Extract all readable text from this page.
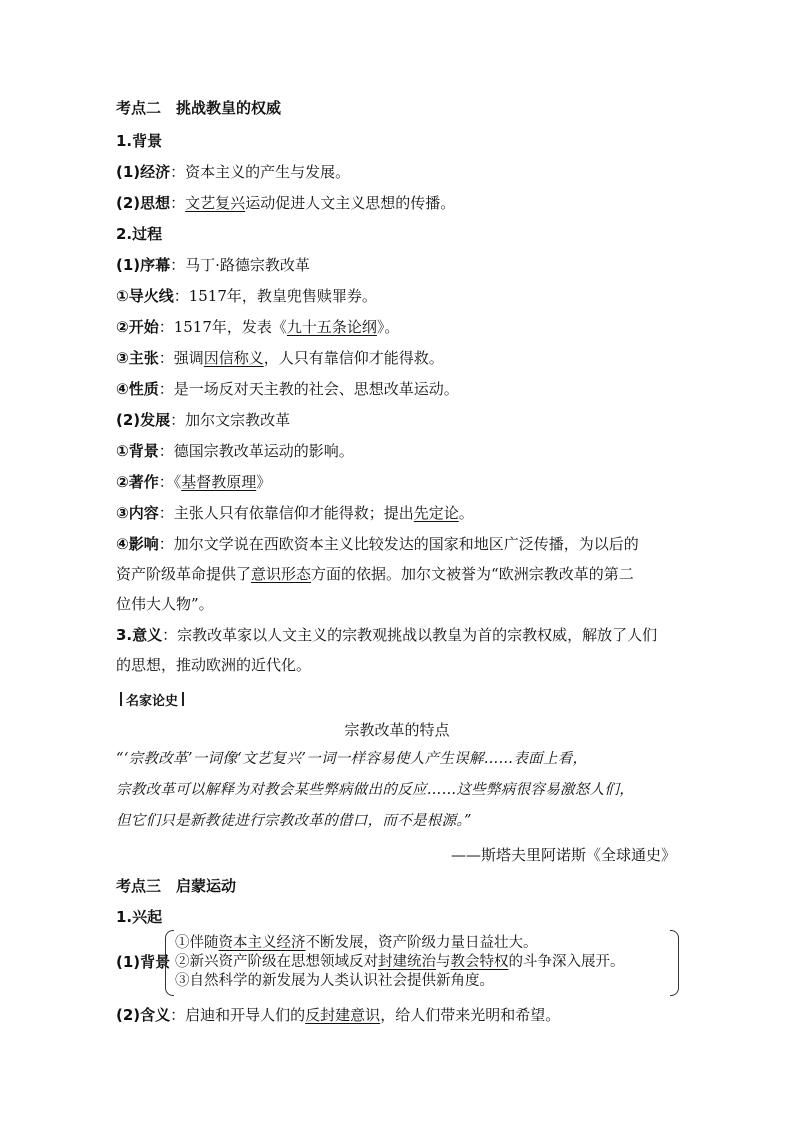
考点二　挑战教皇的权威
1.背景
(1)经济：资本主义的产生与发展。
(2)思想：文艺复兴运动促进人文主义思想的传播。
2.过程
(1)序幕：马丁·路德宗教改革
①导火线：1517年，教皇兜售赎罪券。
②开始：1517年，发表《九十五条论纲》。
③主张：强调因信称义，人只有靠信仰才能得救。
④性质：是一场反对天主教的社会、思想改革运动。
(2)发展：加尔文宗教改革
①背景：德国宗教改革运动的影响。
②著作：《基督教原理》
③内容：主张人只有依靠信仰才能得救；提出先定论。
④影响：加尔文学说在西欧资本主义比较发达的国家和地区广泛传播，为以后的
资产阶级革命提供了意识形态方面的依据。加尔文被誉为“欧洲宗教改革的第二
位伟大人物”。
3.意义：宗教改革家以人文主义的宗教观挑战以教皇为首的宗教权威，解放了人们
的思想，推动欧洲的近代化。
名家论史
宗教改革的特点
“‘宗教改革’一词像‘文艺复兴’一词一样容易使人产生误解……表面上看，
宗教改革可以解释为对教会某些弊病做出的反应……这些弊病很容易激怒人们，
但它们只是新教徒进行宗教改革的借口，而不是根源。”
——斯塔夫里阿诺斯《全球通史》
考点三　启蒙运动
1.兴起
(1)背景
①伴随资本主义经济不断发展，资产阶级力量日益壮大。
②新兴资产阶级在思想领域反对封建统治与教会特权的斗争深入展开。
③自然科学的新发展为人类认识社会提供新角度。
(2)含义：启迪和开导人们的反封建意识，给人们带来光明和希望。
